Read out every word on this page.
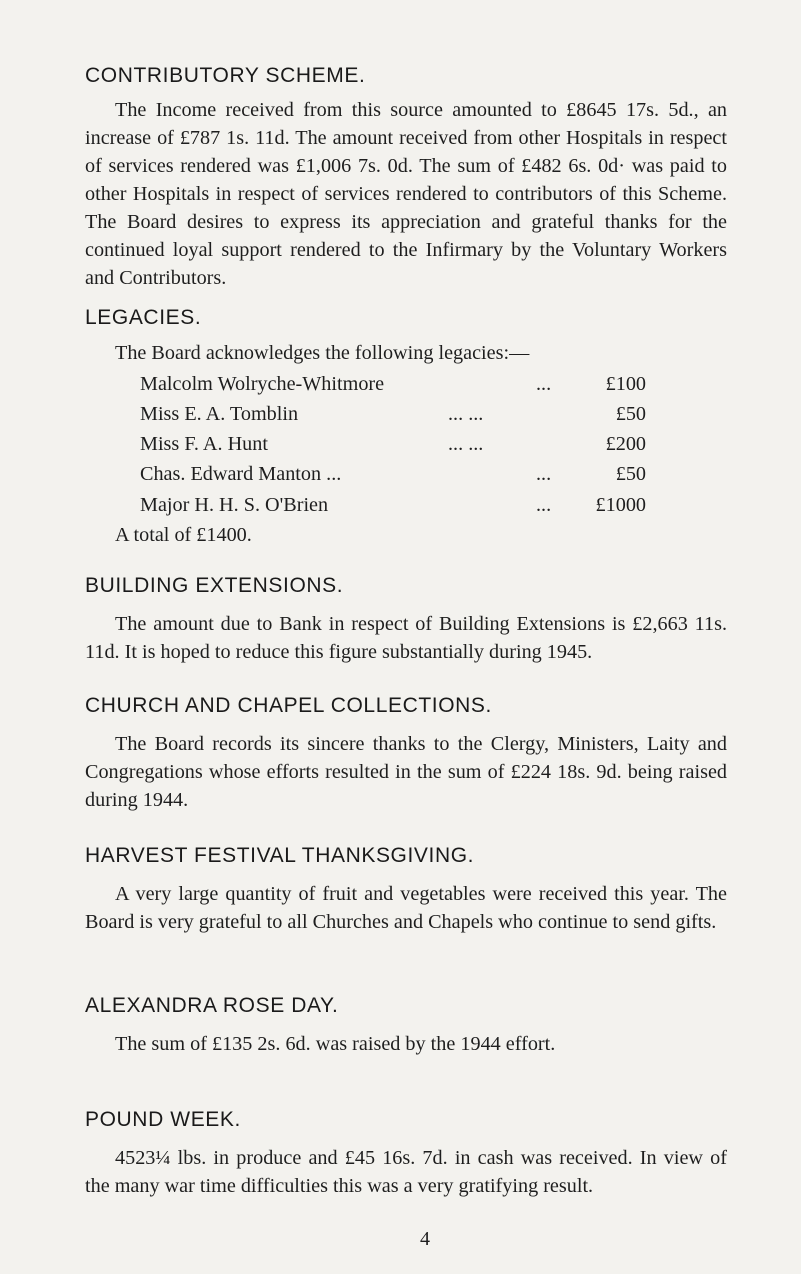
CONTRIBUTORY SCHEME.
The Income received from this source amounted to £8645 17s. 5d., an increase of £787 1s. 11d. The amount received from other Hospitals in respect of services rendered was £1,006 7s. 0d. The sum of £482 6s. 0d· was paid to other Hospitals in respect of services rendered to contributors of this Scheme. The Board desires to express its appreciation and grateful thanks for the continued loyal support rendered to the Infirmary by the Voluntary Workers and Contributors.
LEGACIES.
The Board acknowledges the following legacies:—
Malcolm Wolryche-Whitmore	...	£100
Miss E. A. Tomblin	... ...	£50
Miss F. A. Hunt	... ...	£200
Chas. Edward Manton ...	...	£50
Major H. H. S. O'Brien	... £1000
A total of £1400.
BUILDING EXTENSIONS.
The amount due to Bank in respect of Building Extensions is £2,663 11s. 11d. It is hoped to reduce this figure substantially during 1945.
CHURCH AND CHAPEL COLLECTIONS.
The Board records its sincere thanks to the Clergy, Ministers, Laity and Congregations whose efforts resulted in the sum of £224 18s. 9d. being raised during 1944.
HARVEST FESTIVAL THANKSGIVING.
A very large quantity of fruit and vegetables were received this year. The Board is very grateful to all Churches and Chapels who continue to send gifts.
ALEXANDRA ROSE DAY.
The sum of £135 2s. 6d. was raised by the 1944 effort.
POUND WEEK.
4523¼ lbs. in produce and £45 16s. 7d. in cash was received. In view of the many war time difficulties this was a very gratifying result.
4
